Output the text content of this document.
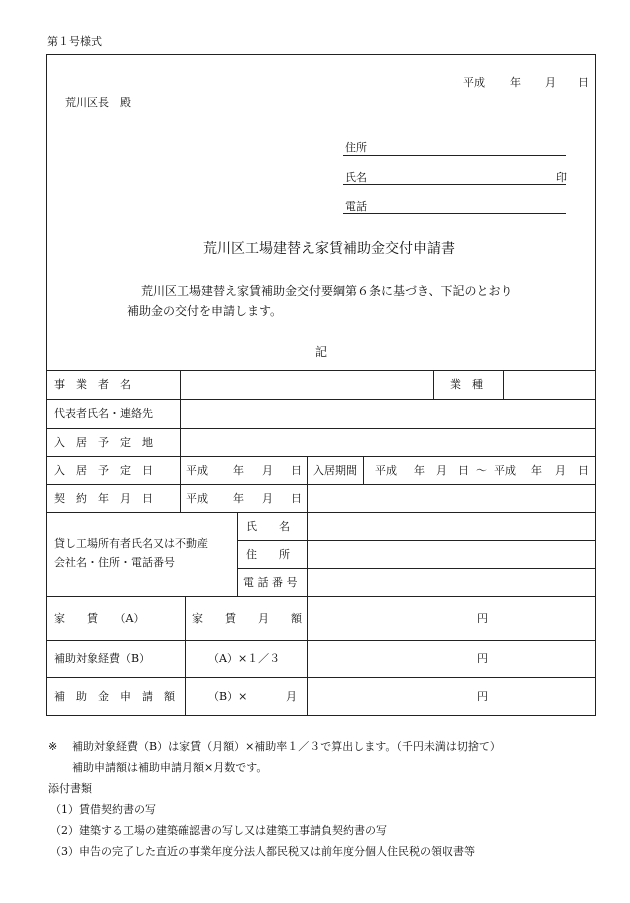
第１号様式
平成 年 月 日
荒川区長　殿
住所
氏名	印
電話
荒川区工場建替え家賃補助金交付申請書
荒川区工場建替え家賃補助金交付要綱第６条に基づき、下記のとおり
補助金の交付を申請します。
記
事　業　者　名	業　種
代表者氏名・連絡先
入　居　予　定　地
入　居　予　定　日	平成 年 月 日 入居期間 平成 年 月 日 〜 平成 年 月 日
契　約　年　月　日	平成 年 月 日
貸し工場所有者氏名又は不動産
会社名・住所・電話番号
氏　　名
住　　所
電 話 番 号
家　　賃　　（A）	家　　賃　　月　　額	円
補助対象経費（B）	（A）×１／３	円
補　助　金　申　請　額	（B）×	月	円
※ 補助対象経費（B）は家賃（月額）×補助率１／３で算出します。（千円未満は切捨て）
補助申請額は補助申請月額×月数です。
添付書類
（1）賃借契約書の写
（2）建築する工場の建築確認書の写し又は建築工事請負契約書の写
（3）申告の完了した直近の事業年度分法人都民税又は前年度分個人住民税の領収書等
